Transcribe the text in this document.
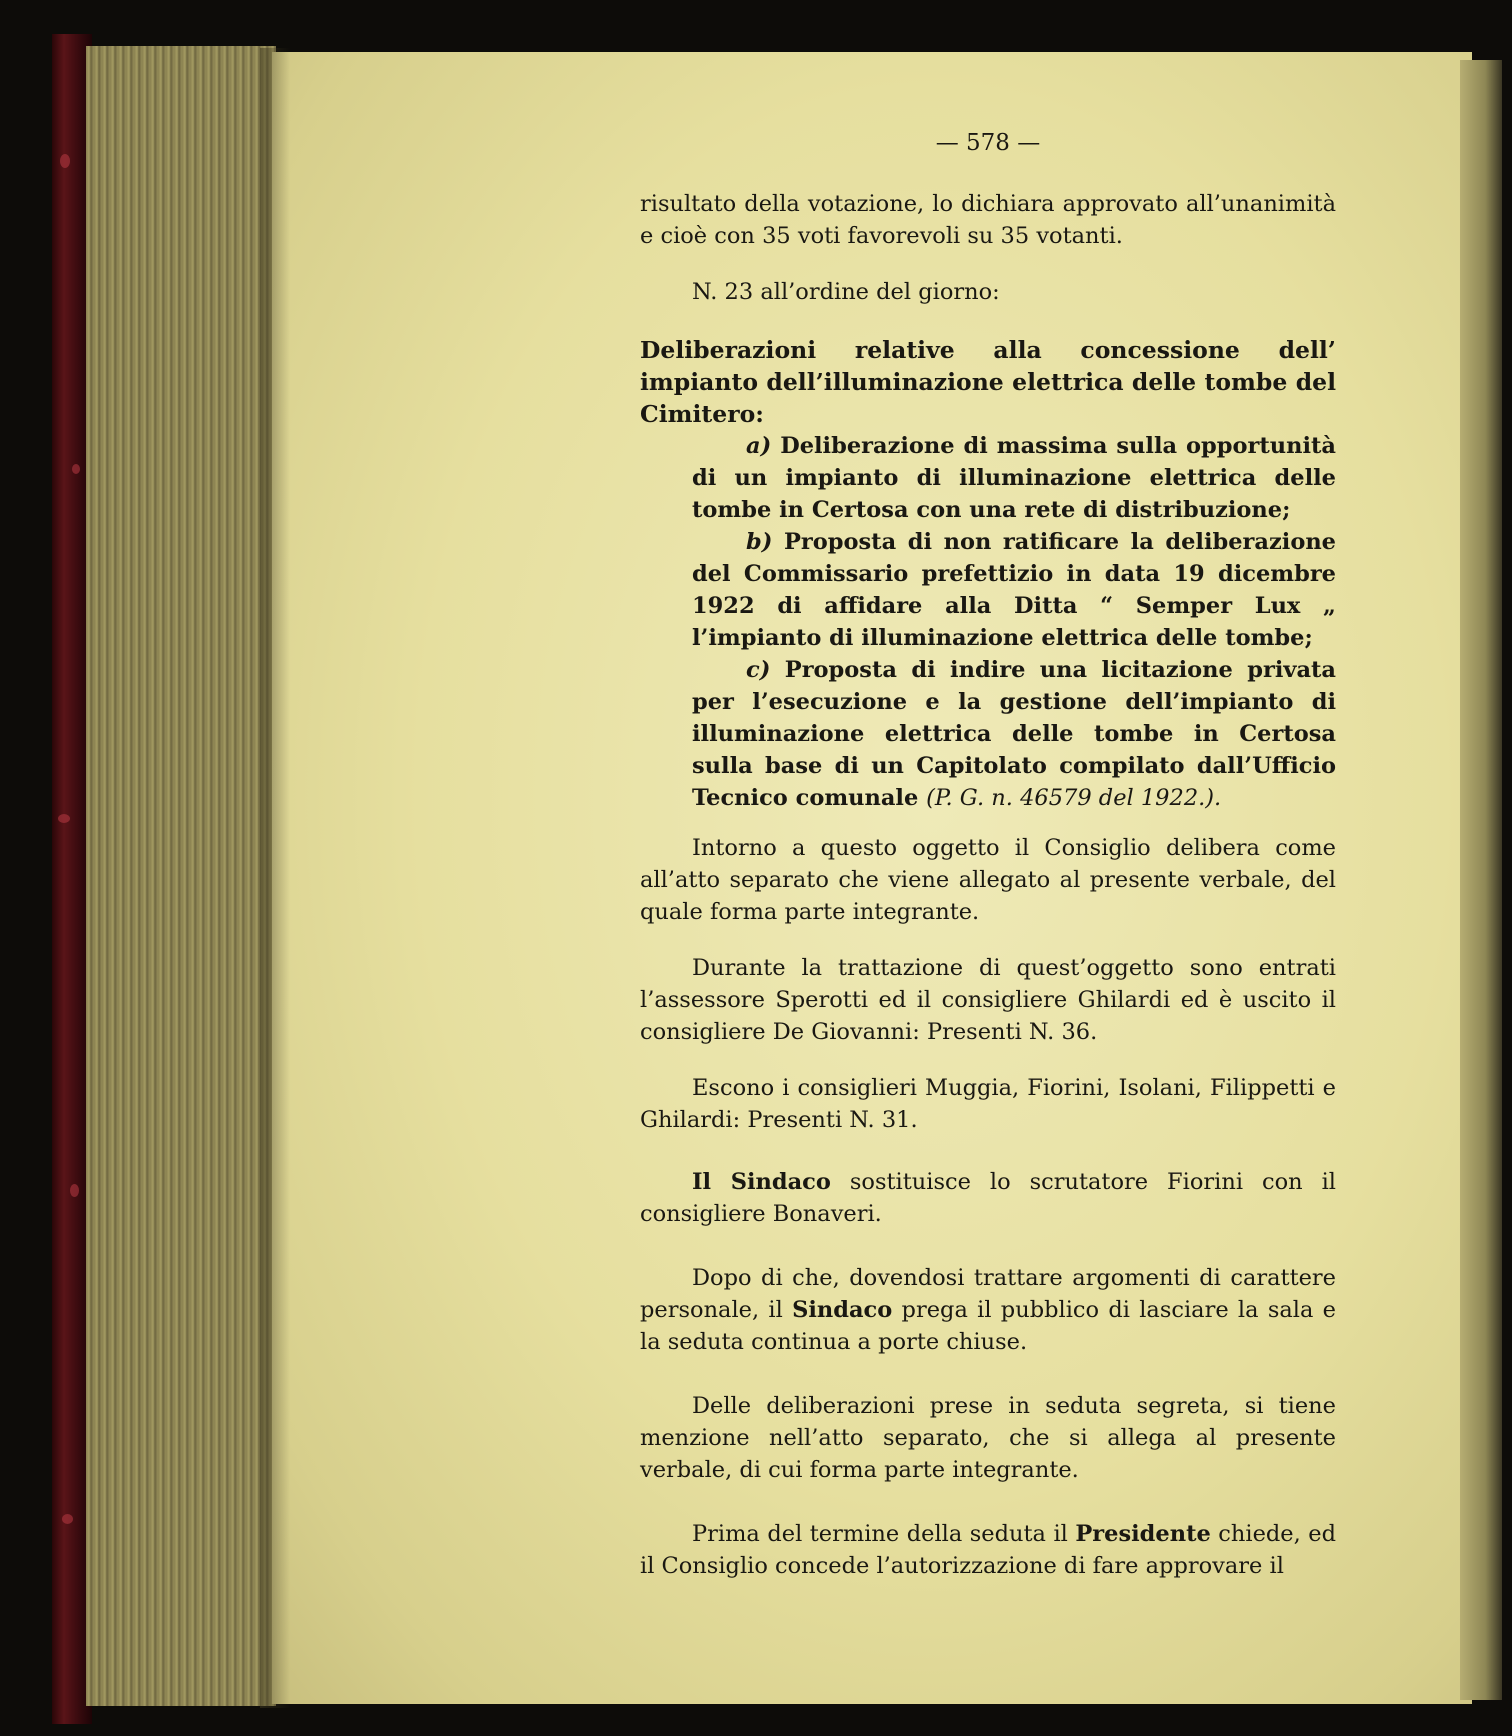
— 578 —

risultato della votazione, lo dichiara approvato all’unanimità e cioè con 35 voti favorevoli su 35 votanti.

N. 23 all’ordine del giorno:

Deliberazioni relative alla concessione dell’ impianto dell’illuminazione elettrica delle tombe del Cimitero:
a) Deliberazione di massima sulla opportunità di un impianto di illuminazione elettrica delle tombe in Certosa con una rete di distribuzione;
b) Proposta di non ratificare la deliberazione del Commissario prefettizio in data 19 dicembre 1922 di affidare alla Ditta “ Semper Lux „ l’impianto di illuminazione elettrica delle tombe;
c) Proposta di indire una licitazione privata per l’esecuzione e la gestione dell’impianto di illuminazione elettrica delle tombe in Certosa sulla base di un Capitolato compilato dall’Ufficio Tecnico comunale (P. G. n. 46579 del 1922.).

Intorno a questo oggetto il Consiglio delibera come all’atto separato che viene allegato al presente verbale, del quale forma parte integrante.

Durante la trattazione di quest’oggetto sono entrati l’assessore Sperotti ed il consigliere Ghilardi ed è uscito il consigliere De Giovanni: Presenti N. 36.

Escono i consiglieri Muggia, Fiorini, Isolani, Filippetti e Ghilardi: Presenti N. 31.

Il Sindaco sostituisce lo scrutatore Fiorini con il consigliere Bonaveri.

Dopo di che, dovendosi trattare argomenti di carattere personale, il Sindaco prega il pubblico di lasciare la sala e la seduta continua a porte chiuse.

Delle deliberazioni prese in seduta segreta, si tiene menzione nell’atto separato, che si allega al presente verbale, di cui forma parte integrante.

Prima del termine della seduta il Presidente chiede, ed il Consiglio concede l’autorizzazione di fare approvare il
